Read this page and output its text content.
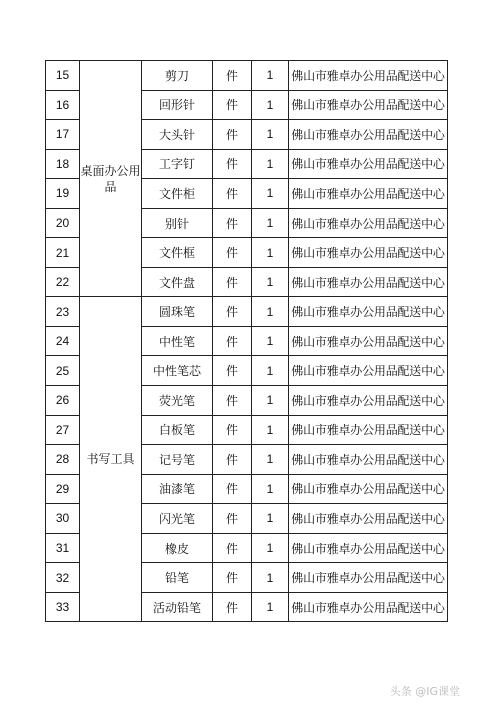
15	桌面办公用品	剪刀	件	1	佛山市雅卓办公用品配送中心
16		回形针	件	1	佛山市雅卓办公用品配送中心
17		大头针	件	1	佛山市雅卓办公用品配送中心
18		工字钉	件	1	佛山市雅卓办公用品配送中心
19		文件柜	件	1	佛山市雅卓办公用品配送中心
20		别针	件	1	佛山市雅卓办公用品配送中心
21		文件框	件	1	佛山市雅卓办公用品配送中心
22		文件盘	件	1	佛山市雅卓办公用品配送中心
23	书写工具	圆珠笔	件	1	佛山市雅卓办公用品配送中心
24		中性笔	件	1	佛山市雅卓办公用品配送中心
25		中性笔芯	件	1	佛山市雅卓办公用品配送中心
26		荧光笔	件	1	佛山市雅卓办公用品配送中心
27		白板笔	件	1	佛山市雅卓办公用品配送中心
28		记号笔	件	1	佛山市雅卓办公用品配送中心
29		油漆笔	件	1	佛山市雅卓办公用品配送中心
30		闪光笔	件	1	佛山市雅卓办公用品配送中心
31		橡皮	件	1	佛山市雅卓办公用品配送中心
32		铅笔	件	1	佛山市雅卓办公用品配送中心
33		活动铅笔	件	1	佛山市雅卓办公用品配送中心
头条 @IG课堂
